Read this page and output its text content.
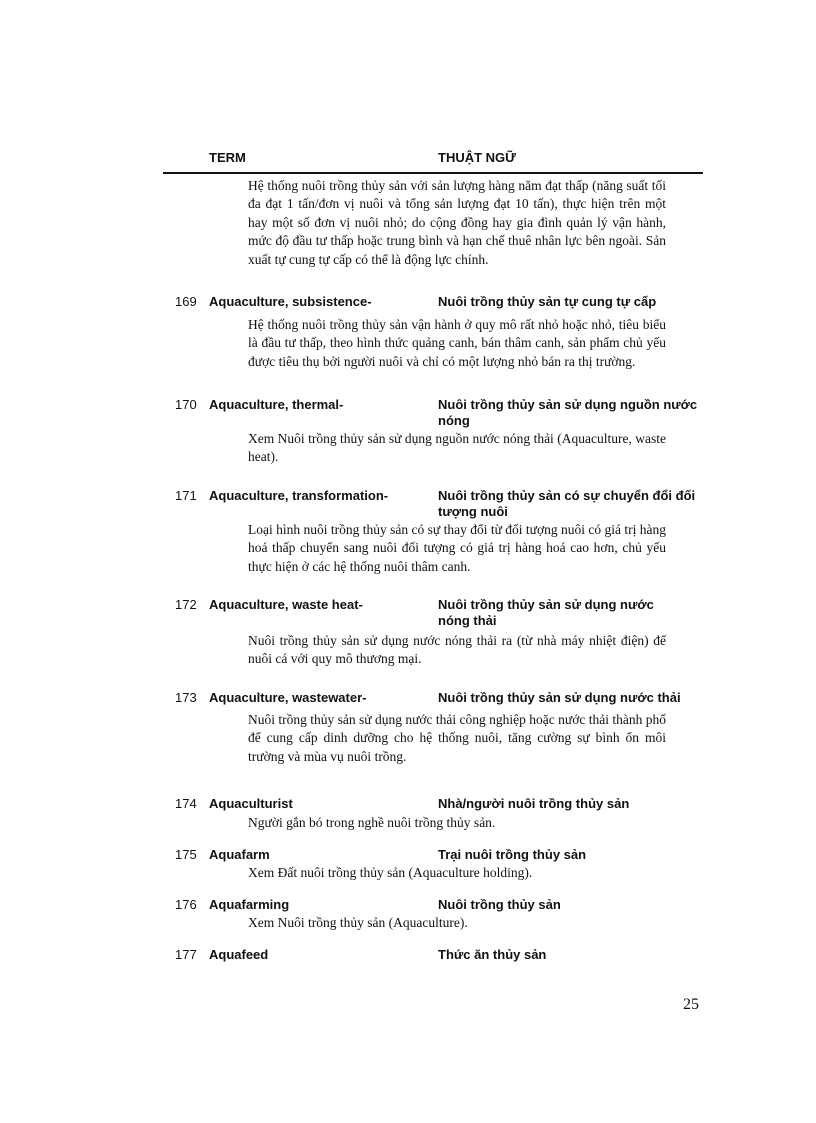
TERM	THUẬT NGỮ
Hệ thống nuôi trồng thủy sản với sản lượng hàng năm đạt thấp (năng suất tối đa đạt 1 tấn/đơn vị nuôi và tổng sản lượng đạt 10 tấn), thực hiện trên một hay một số đơn vị nuôi nhỏ; do cộng đồng hay gia đình quản lý vận hành, mức độ đầu tư thấp hoặc trung bình và hạn chế thuê nhân lực bên ngoài. Sản xuất tự cung tự cấp có thể là động lực chính.
169 Aquaculture, subsistence-	Nuôi trồng thủy sản tự cung tự cấp
Hệ thống nuôi trồng thủy sản vận hành ở quy mô rất nhỏ hoặc nhỏ, tiêu biểu là đầu tư thấp, theo hình thức quảng canh, bán thâm canh, sản phẩm chủ yếu được tiêu thụ bởi người nuôi và chỉ có một lượng nhỏ bán ra thị trường.
170 Aquaculture, thermal-	Nuôi trồng thủy sản sử dụng nguồn nước nóng
Xem Nuôi trồng thủy sản sử dụng nguồn nước nóng thải (Aquaculture, waste heat).
171 Aquaculture, transformation-	Nuôi trồng thủy sản có sự chuyển đổi đối tượng nuôi
Loại hình nuôi trồng thủy sản có sự thay đổi từ đối tượng nuôi có giá trị hàng hoá thấp chuyển sang nuôi đối tượng có giá trị hàng hoá cao hơn, chủ yếu thực hiện ở các hệ thống nuôi thâm canh.
172 Aquaculture, waste heat-	Nuôi trồng thủy sản sử dụng nước nóng thải
Nuôi trồng thủy sản sử dụng nước nóng thải ra (từ nhà máy nhiệt điện) để nuôi cá với quy mô thương mại.
173 Aquaculture, wastewater-	Nuôi trồng thủy sản sử dụng nước thải
Nuôi trồng thủy sản sử dụng nước thải công nghiệp hoặc nước thải thành phố để cung cấp dinh dưỡng cho hệ thống nuôi, tăng cường sự bình ổn môi trường và mùa vụ nuôi trồng.
174 Aquaculturist	Nhà/người nuôi trồng thủy sản
Người gắn bó trong nghề nuôi trồng thủy sản.
175 Aquafarm	Trại nuôi trồng thủy sản
Xem Đất nuôi trồng thủy sản (Aquaculture holding).
176 Aquafarming	Nuôi trồng thủy sản
Xem Nuôi trồng thủy sản (Aquaculture).
177 Aquafeed	Thức ăn thủy sản
25
